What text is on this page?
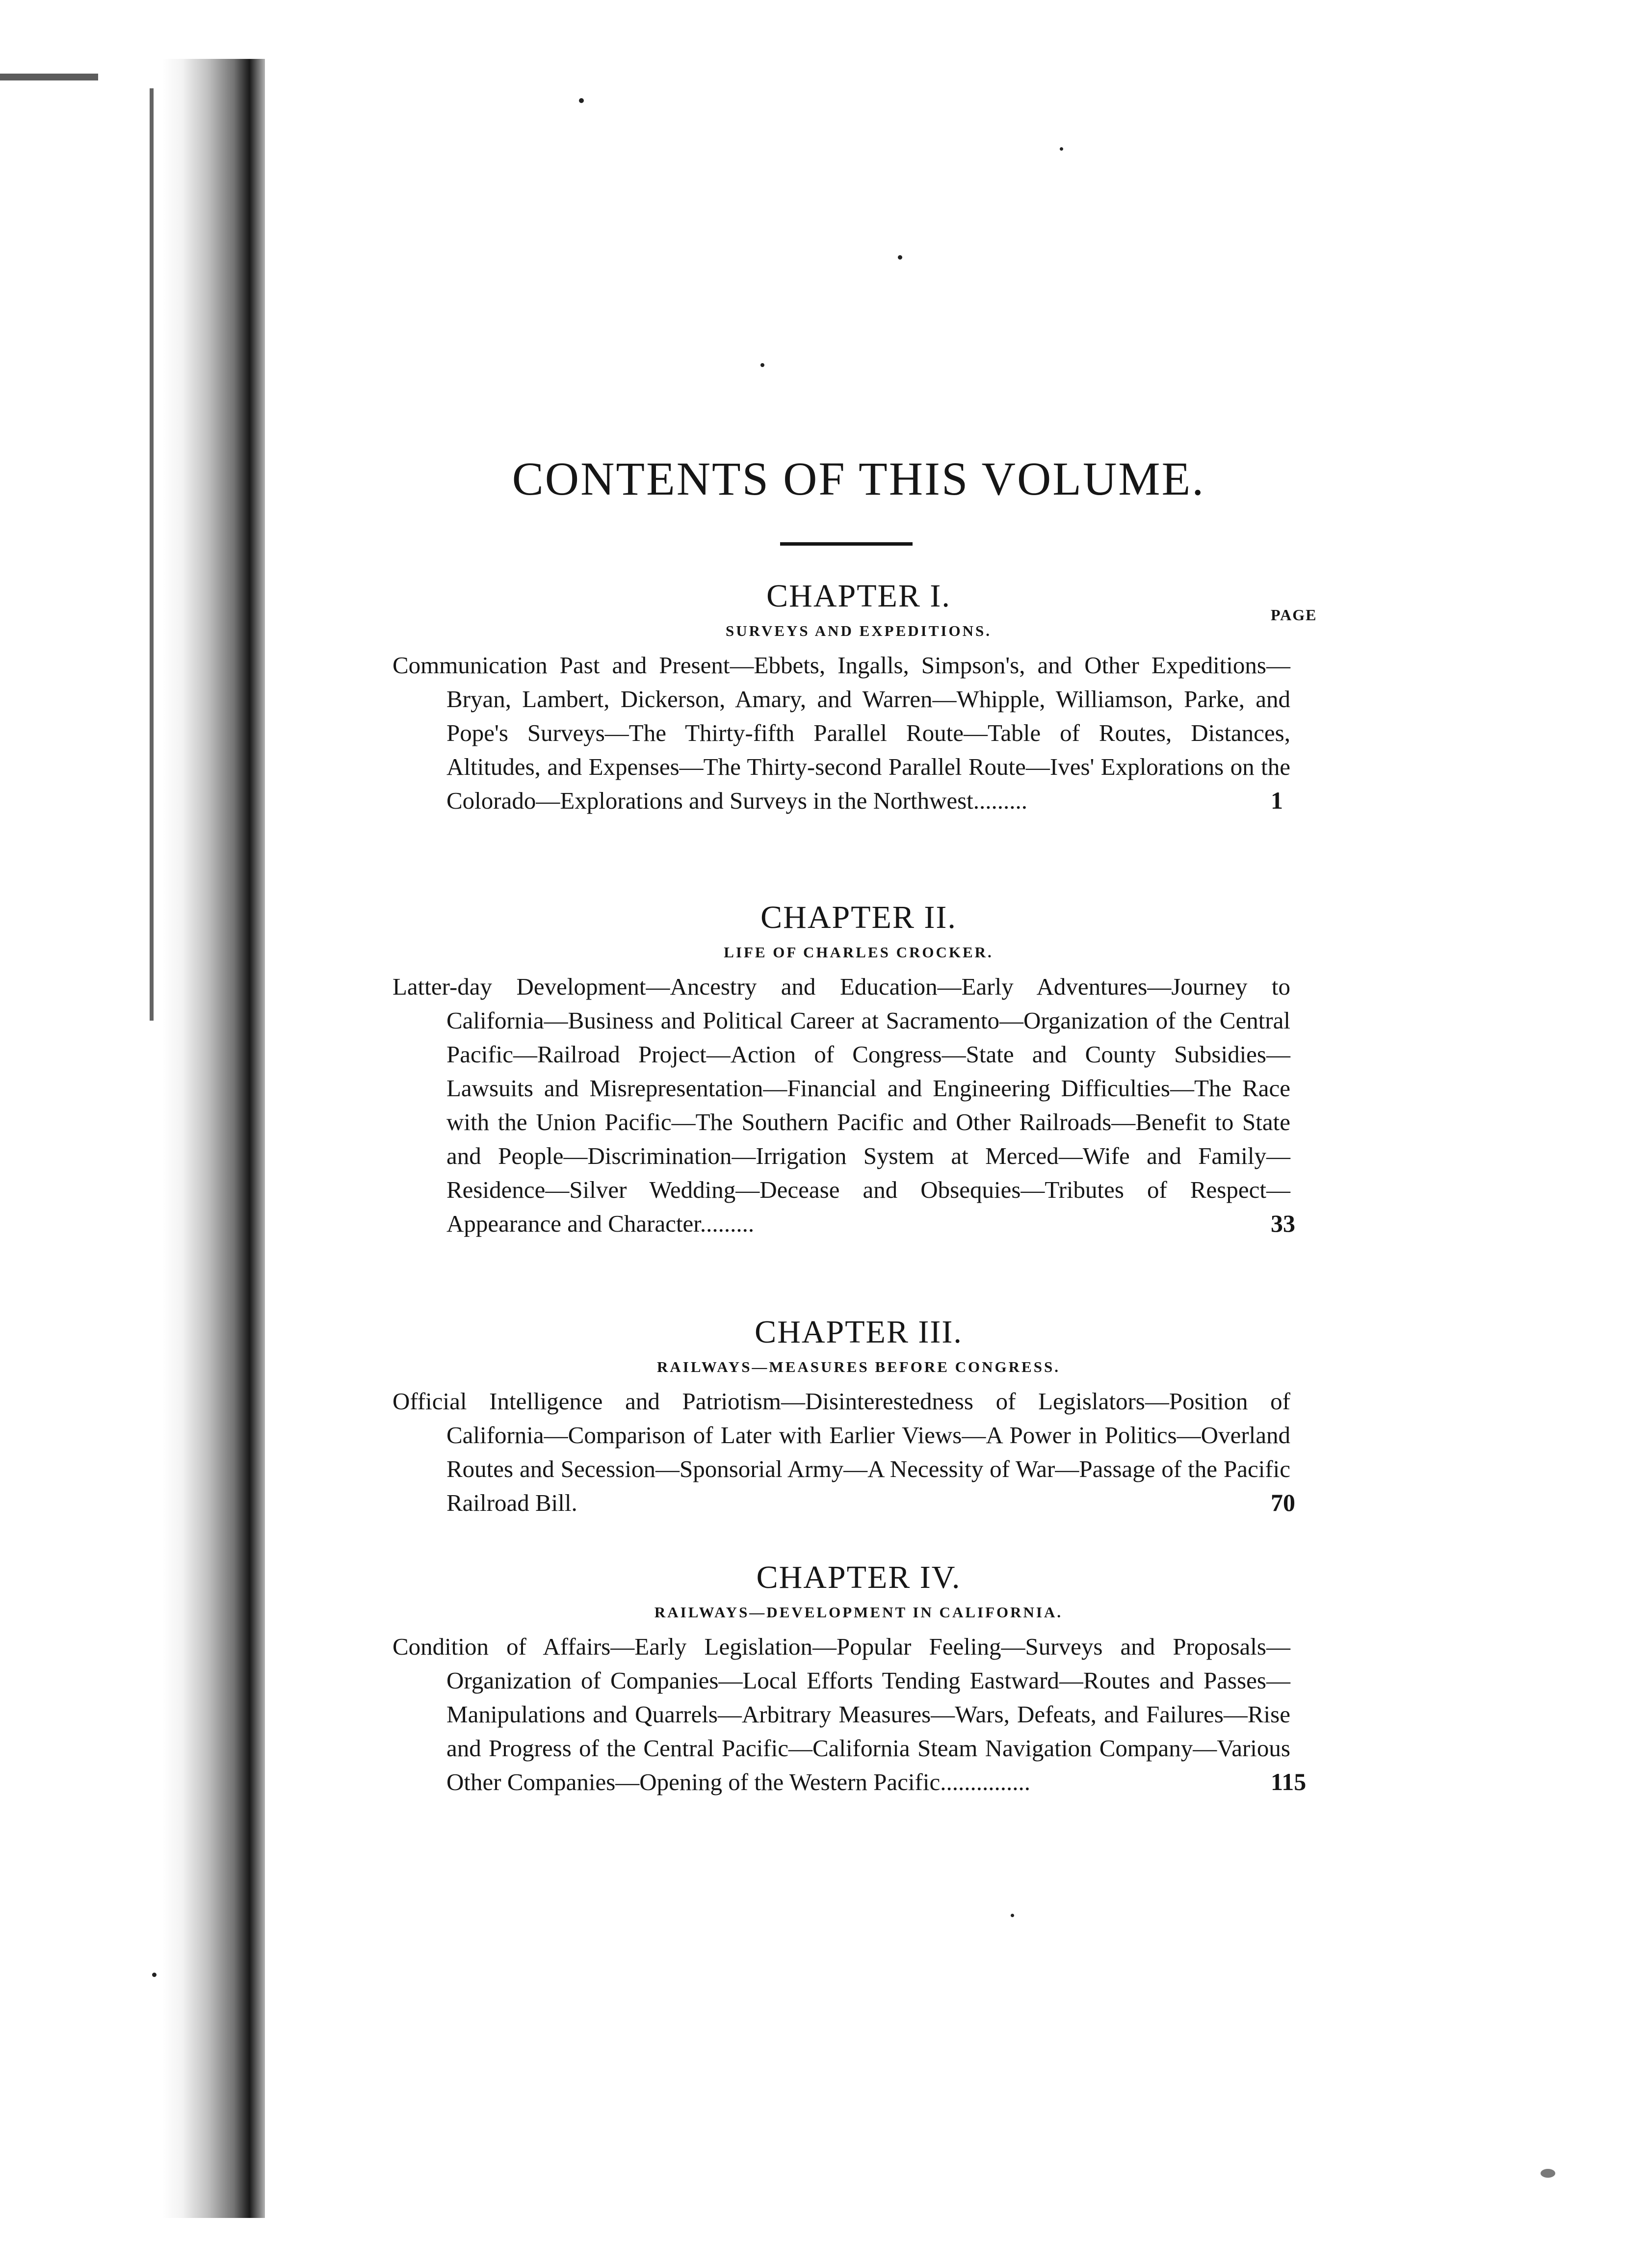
CONTENTS OF THIS VOLUME.
PAGE
CHAPTER I.
SURVEYS AND EXPEDITIONS.
Communication Past and Present—Ebbets, Ingalls, Simpson's, and Other Expeditions—Bryan, Lambert, Dickerson, Amary, and Warren—Whipple, Williamson, Parke, and Pope's Surveys—The Thirty-fifth Parallel Route—Table of Routes, Distances, Altitudes, and Expenses—The Thirty-second Parallel Route—Ives' Explorations on the Colorado—Explorations and Surveys in the Northwest.........	1
CHAPTER II.
LIFE OF CHARLES CROCKER.
Latter-day Development—Ancestry and Education—Early Adventures—Journey to California—Business and Political Career at Sacramento—Organization of the Central Pacific—Railroad Project—Action of Congress—State and County Subsidies—Lawsuits and Misrepresentation—Financial and Engineering Difficulties—The Race with the Union Pacific—The Southern Pacific and Other Railroads—Benefit to State and People—Discrimination—Irrigation System at Merced—Wife and Family—Residence—Silver Wedding—Decease and Obsequies—Tributes of Respect—Appearance and Character.........	33
CHAPTER III.
RAILWAYS—MEASURES BEFORE CONGRESS.
Official Intelligence and Patriotism—Disinterestedness of Legislators—Position of California—Comparison of Later with Earlier Views—A Power in Politics—Overland Routes and Secession—Sponsorial Army—A Necessity of War—Passage of the Pacific Railroad Bill.	70
CHAPTER IV.
RAILWAYS—DEVELOPMENT IN CALIFORNIA.
Condition of Affairs—Early Legislation—Popular Feeling—Surveys and Proposals—Organization of Companies—Local Efforts Tending Eastward—Routes and Passes—Manipulations and Quarrels—Arbitrary Measures—Wars, Defeats, and Failures—Rise and Progress of the Central Pacific—California Steam Navigation Company—Various Other Companies—Opening of the Western Pacific...............	115
